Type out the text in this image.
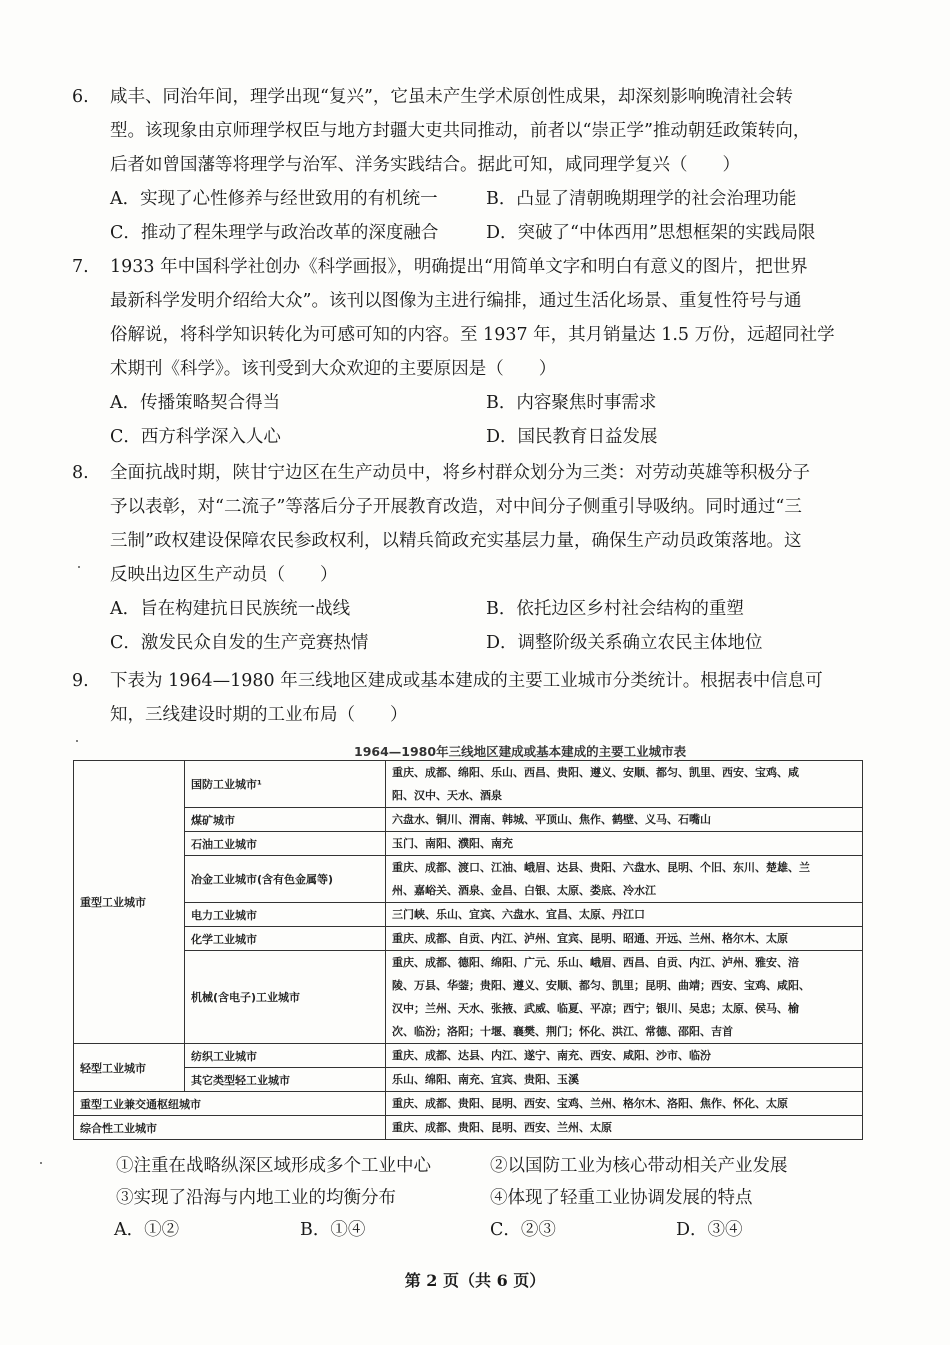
6. 咸丰、同治年间，理学出现“复兴”，它虽未产生学术原创性成果，却深刻影响晚清社会转
型。该现象由京师理学权臣与地方封疆大吏共同推动，前者以“崇正学”推动朝廷政策转向，
后者如曾国藩等将理学与治军、洋务实践结合。据此可知，咸同理学复兴（　　）
A．实现了心性修养与经世致用的有机统一	B．凸显了清朝晚期理学的社会治理功能
C．推动了程朱理学与政治改革的深度融合	D．突破了“中体西用”思想框架的实践局限
7. 1933 年中国科学社创办《科学画报》，明确提出“用简单文字和明白有意义的图片，把世界
最新科学发明介绍给大众”。该刊以图像为主进行编排，通过生活化场景、重复性符号与通
俗解说，将科学知识转化为可感可知的内容。至 1937 年，其月销量达 1.5 万份，远超同社学
术期刊《科学》。该刊受到大众欢迎的主要原因是（　　）
A．传播策略契合得当	B．内容聚焦时事需求
C．西方科学深入人心	D．国民教育日益发展
8. 全面抗战时期，陕甘宁边区在生产动员中，将乡村群众划分为三类：对劳动英雄等积极分子
予以表彰，对“二流子”等落后分子开展教育改造，对中间分子侧重引导吸纳。同时通过“三
三制”政权建设保障农民参政权利，以精兵简政充实基层力量，确保生产动员政策落地。这
反映出边区生产动员（　　）
A．旨在构建抗日民族统一战线	B．依托边区乡村社会结构的重塑
C．激发民众自发的生产竞赛热情	D．调整阶级关系确立农民主体地位
9. 下表为 1964—1980 年三线地区建成或基本建成的主要工业城市分类统计。根据表中信息可
知，三线建设时期的工业布局（　　）
1964—1980年三线地区建成或基本建成的主要工业城市表
重型工业城市	国防工业城市¹	重庆、成都、绵阳、乐山、西昌、贵阳、遵义、安顺、都匀、凯里、西安、宝鸡、咸
阳、汉中、天水、酒泉

	煤矿城市	六盘水、铜川、渭南、韩城、平顶山、焦作、鹤壁、义马、石嘴山

	石油工业城市	玉门、南阳、濮阳、南充

	冶金工业城市(含有色金属等)	重庆、成都、渡口、江油、峨眉、达县、贵阳、六盘水、昆明、个旧、东川、楚雄、兰
州、嘉峪关、酒泉、金昌、白银、太原、娄底、冷水江

	电力工业城市	三门峡、乐山、宜宾、六盘水、宜昌、太原、丹江口

	化学工业城市	重庆、成都、自贡、内江、泸州、宜宾、昆明、昭通、开远、兰州、格尔木、太原

	机械(含电子)工业城市	重庆、成都、德阳、绵阳、广元、乐山、峨眉、西昌、自贡、内江、泸州、雅安、涪
陵、万县、华蓥；贵阳、遵义、安顺、都匀、凯里；昆明、曲靖；西安、宝鸡、咸阳、
汉中；兰州、天水、张掖、武威、临夏、平凉；西宁；银川、吴忠；太原、侯马、榆
次、临汾；洛阳；十堰、襄樊、荆门；怀化、洪江、常德、邵阳、吉首

轻型工业城市	纺织工业城市	重庆、成都、达县、内江、遂宁、南充、西安、咸阳、沙市、临汾

	其它类型轻工业城市	乐山、绵阳、南充、宜宾、贵阳、玉溪

重型工业兼交通枢纽城市		重庆、成都、贵阳、昆明、西安、宝鸡、兰州、格尔木、洛阳、焦作、怀化、太原

综合性工业城市		重庆、成都、贵阳、昆明、西安、兰州、太原
①注重在战略纵深区域形成多个工业中心	②以国防工业为核心带动相关产业发展
③实现了沿海与内地工业的均衡分布	④体现了轻重工业协调发展的特点
A．①②	B．①④	C．②③	D．③④
第 2 页（共 6 页）
